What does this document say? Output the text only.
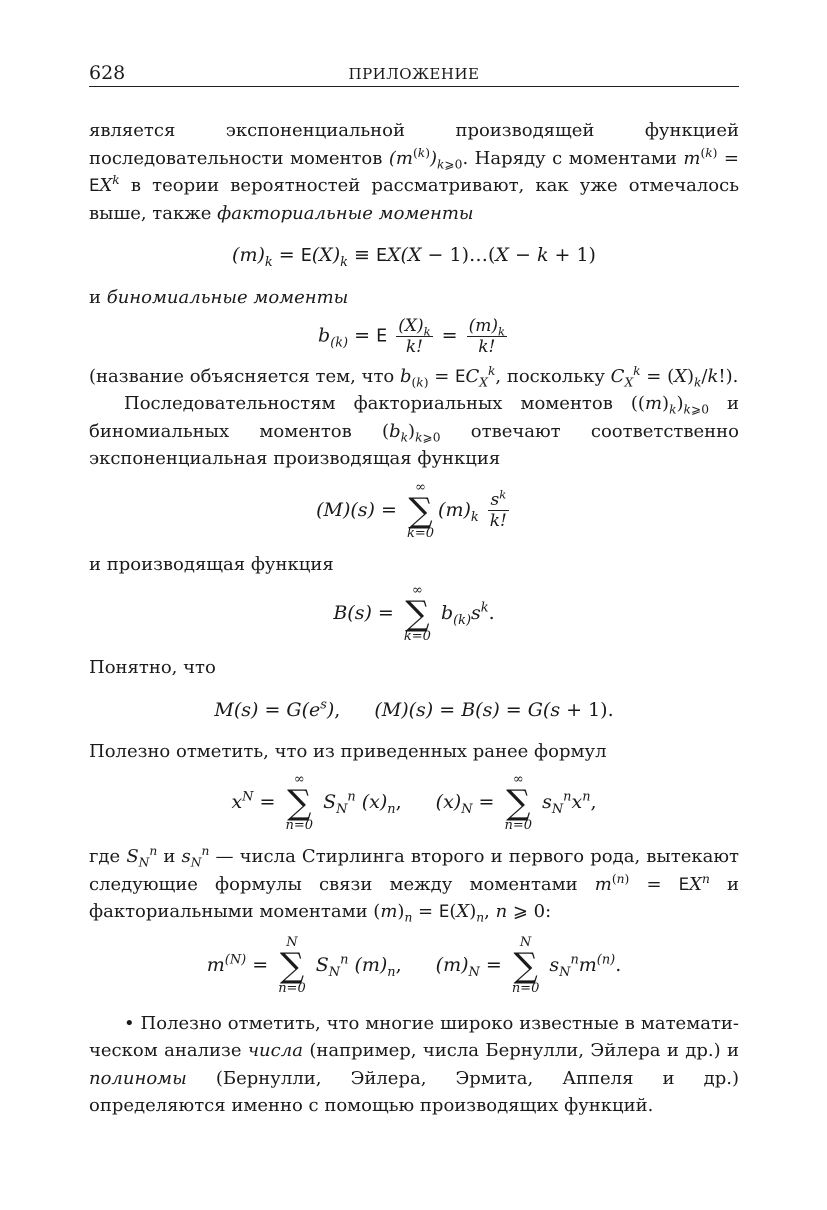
628	ПРИЛОЖЕНИЕ

является экспоненциальной производящей функцией последовательности моментов $(m^{(k)})_{k⩾0}$. Наряду с моментами $m^{(k)} = EX^k$ в теории вероятностей рассматривают, как уже отмечалось выше, также факториальные моменты

$(m)_k = E(X)_k \equiv EX(X$ − 1)…(X − k + 1)

и биномиальные моменты

$b_{(k)} = E \frac{(X)_k}{k!} = \frac{(m)_k}{k!}$

(название объясняется тем, что $b_{(k)} = EC_X^k$, поскольку $C_X^k = (X)_k/k$!).

Последовательностям факториальных моментов $((m)_k)_{k⩾0}$ и биномиальных моментов $(b_k)_{k⩾0}$ отвечают соответственно экспоненциальная производящая функция

(M)(s) =
∞
∑
k=0
$(m)_k \frac{s^k}{k!}$

и производящая функция

B(s) =
∞
∑
k=0
$b_{(k)}s^k$.

Понятно, что

$M(s) = G(e^s)$, (M)(s) = B(s) = G(s + 1).

Полезно отметить, что из приведенных ранее формул

$x^N$ =
∞
∑
n=0
$S_N^n$ $(x)_n$, $(x)_N$ =
∞
∑
n=0
$s_N^nx^n$,

где $S_N^n$ и $s_N^n$ — числа Стирлинга второго и первого рода, вытекают следующие формулы связи между моментами $m^{(n)} = EX^n$ и факториальными моментами $(m)_n = E(X)_n$, n ⩾ 0:

$m^{(N)}$ =
N
∑
n=0
$S_N^n$ $(m)_n$, $(m)_N$ =
N
∑
n=0
$s_N^nm^{(n)}$.

• Полезно отметить, что многие широко известные в математическом анализе числа (например, числа Бернулли, Эйлера и др.) и полиномы (Бернулли, Эйлера, Эрмита, Аппеля и др.) определяются именно с помощью производящих функций.
